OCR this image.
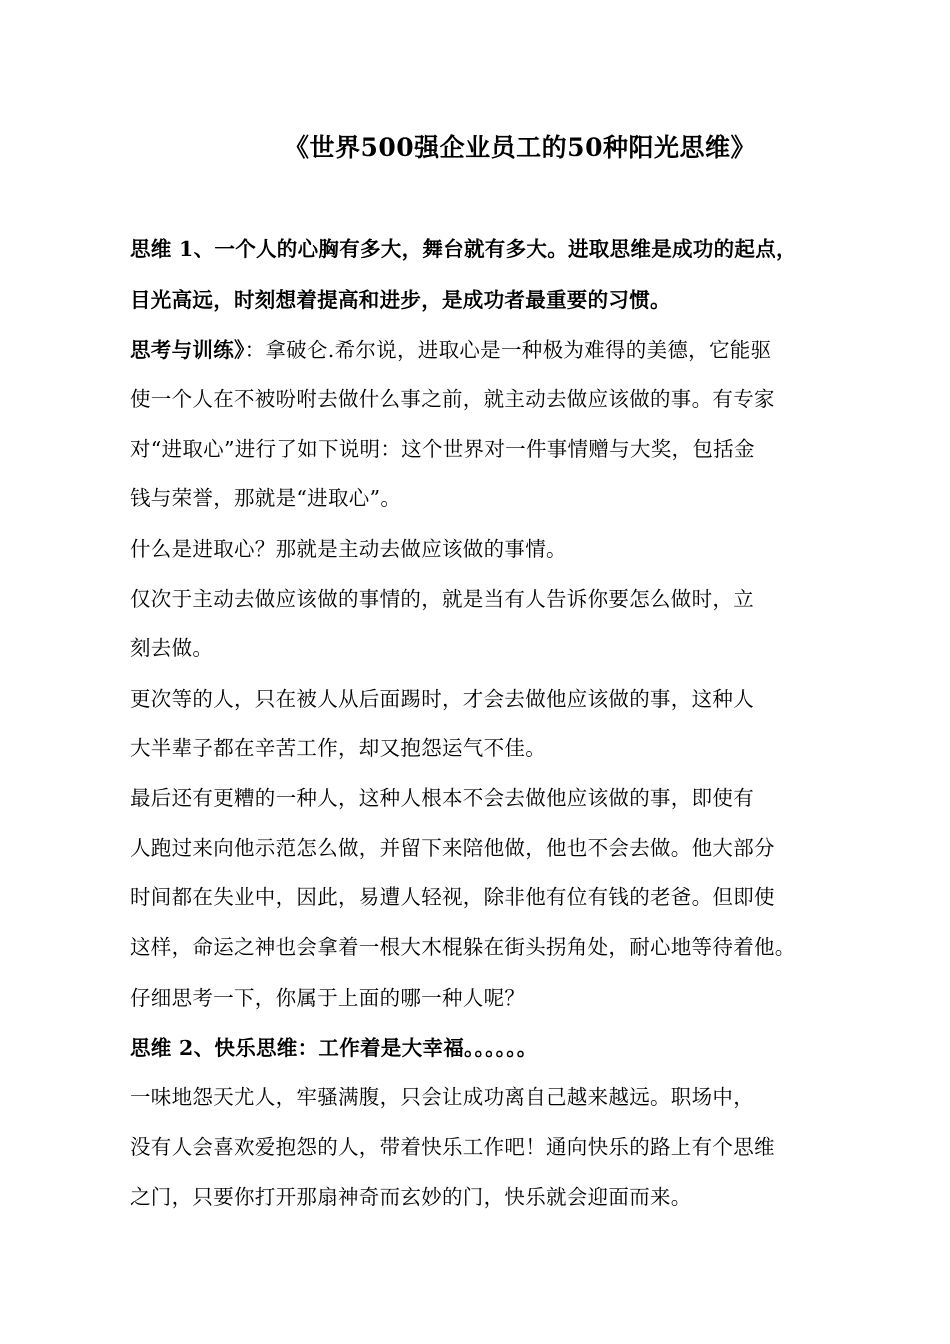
《世界500强企业员工的50种阳光思维》
思维 1、一个人的心胸有多大，舞台就有多大。进取思维是成功的起点，
目光高远，时刻想着提高和进步，是成功者最重要的习惯。
思考与训练》：拿破仑.希尔说，进取心是一种极为难得的美德，它能驱
使一个人在不被吩咐去做什么事之前，就主动去做应该做的事。有专家
对“进取心”进行了如下说明：这个世界对一件事情赠与大奖，包括金
钱与荣誉，那就是“进取心”。
什么是进取心？那就是主动去做应该做的事情。
仅次于主动去做应该做的事情的，就是当有人告诉你要怎么做时，立
刻去做。
更次等的人，只在被人从后面踢时，才会去做他应该做的事，这种人
大半辈子都在辛苦工作，却又抱怨运气不佳。
最后还有更糟的一种人，这种人根本不会去做他应该做的事，即使有
人跑过来向他示范怎么做，并留下来陪他做，他也不会去做。他大部分
时间都在失业中，因此，易遭人轻视，除非他有位有钱的老爸。但即使
这样，命运之神也会拿着一根大木棍躲在街头拐角处，耐心地等待着他。
仔细思考一下，你属于上面的哪一种人呢？
思维 2、快乐思维：工作着是大幸福。。。。。。
一味地怨天尤人，牢骚满腹，只会让成功离自己越来越远。职场中，
没有人会喜欢爱抱怨的人，带着快乐工作吧！通向快乐的路上有个思维
之门，只要你打开那扇神奇而玄妙的门，快乐就会迎面而来。
